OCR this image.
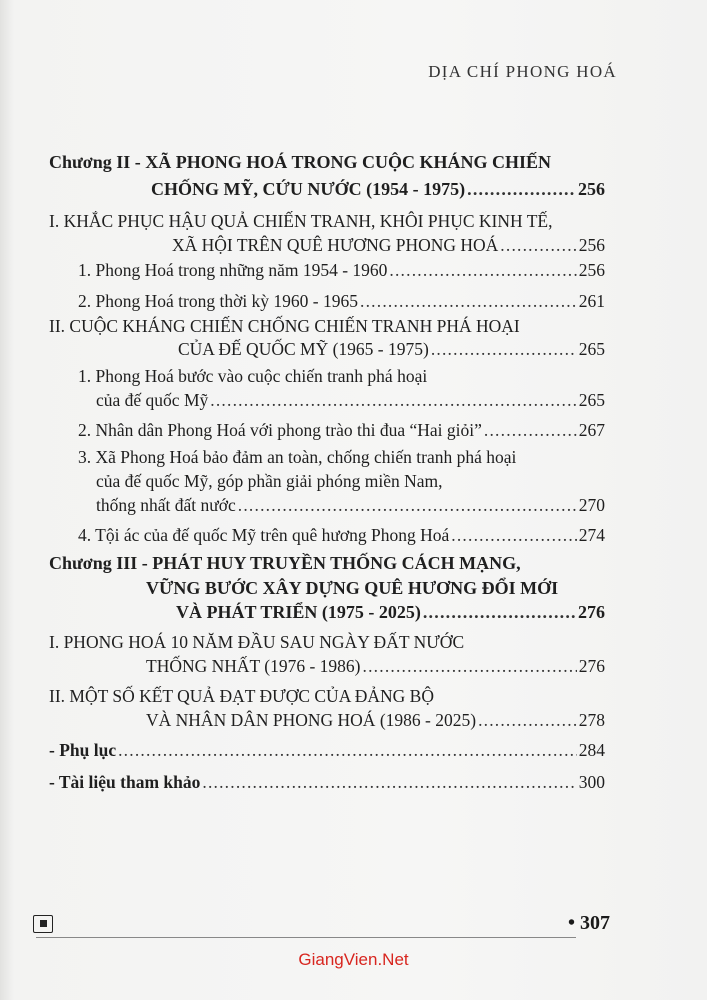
DỊA CHÍ PHONG HOÁ
Chương II - XÃ PHONG HOÁ TRONG CUỘC KHÁNG CHIẾN
CHỐNG MỸ, CỨU NƯỚC (1954 - 1975) .....	256
I. KHẮC PHỤC HẬU QUẢ CHIẾN TRANH, KHÔI PHỤC KINH TẾ,
XÃ HỘI TRÊN QUÊ HƯƠNG PHONG HOÁ .....	256
1. Phong Hoá trong những năm 1954 - 1960 .....	256
2. Phong Hoá trong thời kỳ 1960 - 1965 .....	261
II. CUỘC KHÁNG CHIẾN CHỐNG CHIẾN TRANH PHÁ HOẠI
CỦA ĐẾ QUỐC MỸ (1965 - 1975) .....	265
1. Phong Hoá bước vào cuộc chiến tranh phá hoại
của đế quốc Mỹ .....	265
2. Nhân dân Phong Hoá với phong trào thi đua “Hai giỏi” .....	267
3. Xã Phong Hoá bảo đảm an toàn, chống chiến tranh phá hoại
của đế quốc Mỹ, góp phần giải phóng miền Nam,
thống nhất đất nước .....	270
4. Tội ác của đế quốc Mỹ trên quê hương Phong Hoá .....	274
Chương III - PHÁT HUY TRUYỀN THỐNG CÁCH MẠNG,
VỮNG BƯỚC XÂY DỰNG QUÊ HƯƠNG ĐỔI MỚI
VÀ PHÁT TRIỂN (1975 - 2025) .....	276
I. PHONG HOÁ 10 NĂM ĐẦU SAU NGÀY ĐẤT NƯỚC
THỐNG NHẤT (1976 - 1986) .....	276
II. MỘT SỐ KẾT QUẢ ĐẠT ĐƯỢC CỦA ĐẢNG BỘ
VÀ NHÂN DÂN PHONG HOÁ (1986 - 2025) .....	278
- Phụ lục .....	284
- Tài liệu tham khảo .....	300
• 307
GiangVien.Net
